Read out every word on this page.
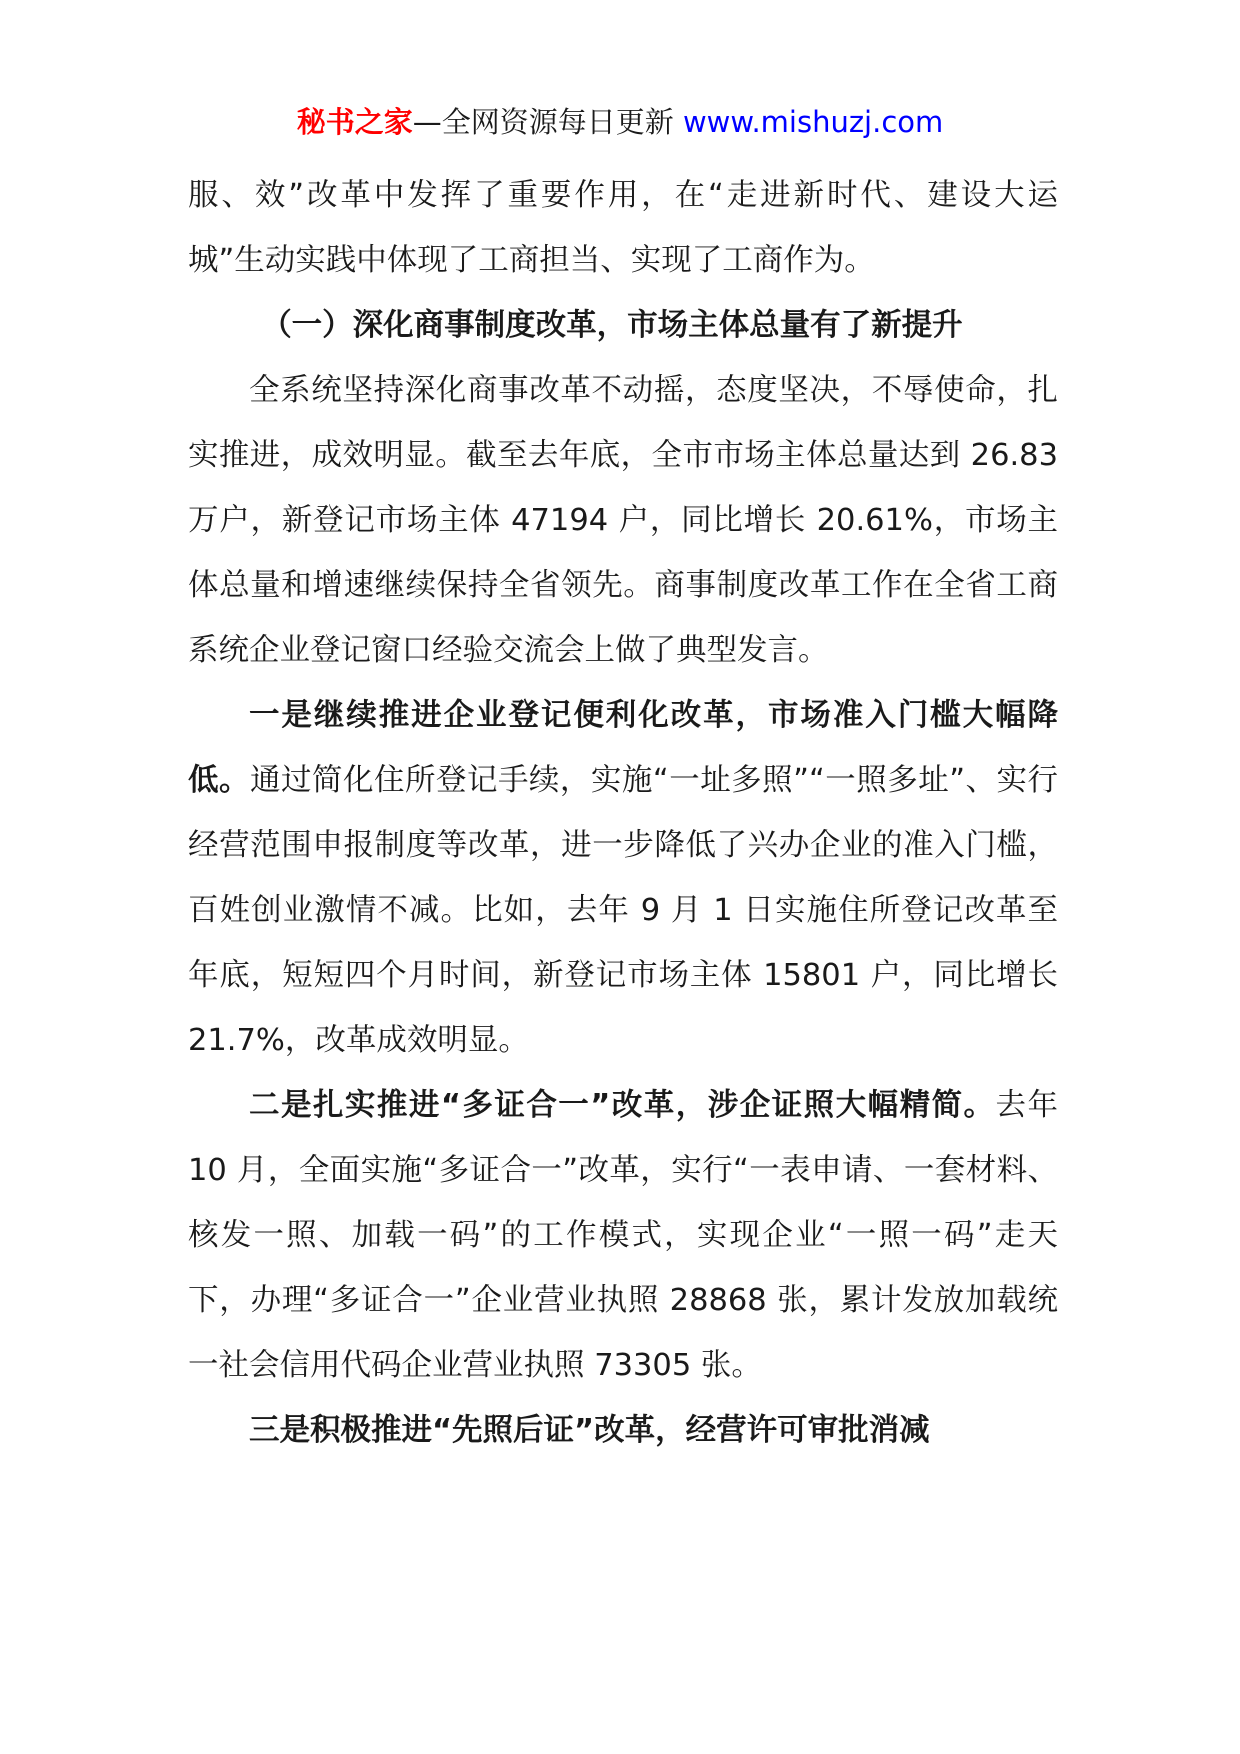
秘书之家—全网资源每日更新 www.mishuzj.com

服、效”改革中发挥了重要作用，在“走进新时代、建设大运城”生动实践中体现了工商担当、实现了工商作为。

（一）深化商事制度改革，市场主体总量有了新提升

全系统坚持深化商事改革不动摇，态度坚决，不辱使命，扎实推进，成效明显。截至去年底，全市市场主体总量达到 26.83 万户，新登记市场主体 47194 户，同比增长 20.61%，市场主体总量和增速继续保持全省领先。商事制度改革工作在全省工商系统企业登记窗口经验交流会上做了典型发言。

一是继续推进企业登记便利化改革，市场准入门槛大幅降低。通过简化住所登记手续，实施“一址多照”“一照多址”、实行经营范围申报制度等改革，进一步降低了兴办企业的准入门槛，百姓创业激情不减。比如，去年 9 月 1 日实施住所登记改革至年底，短短四个月时间，新登记市场主体 15801 户，同比增长 21.7%，改革成效明显。

二是扎实推进“多证合一”改革，涉企证照大幅精简。去年 10 月，全面实施“多证合一”改革，实行“一表申请、一套材料、核发一照、加载一码”的工作模式，实现企业“一照一码”走天下，办理“多证合一”企业营业执照 28868 张，累计发放加载统一社会信用代码企业营业执照 73305 张。

三是积极推进“先照后证”改革，经营许可审批消减
